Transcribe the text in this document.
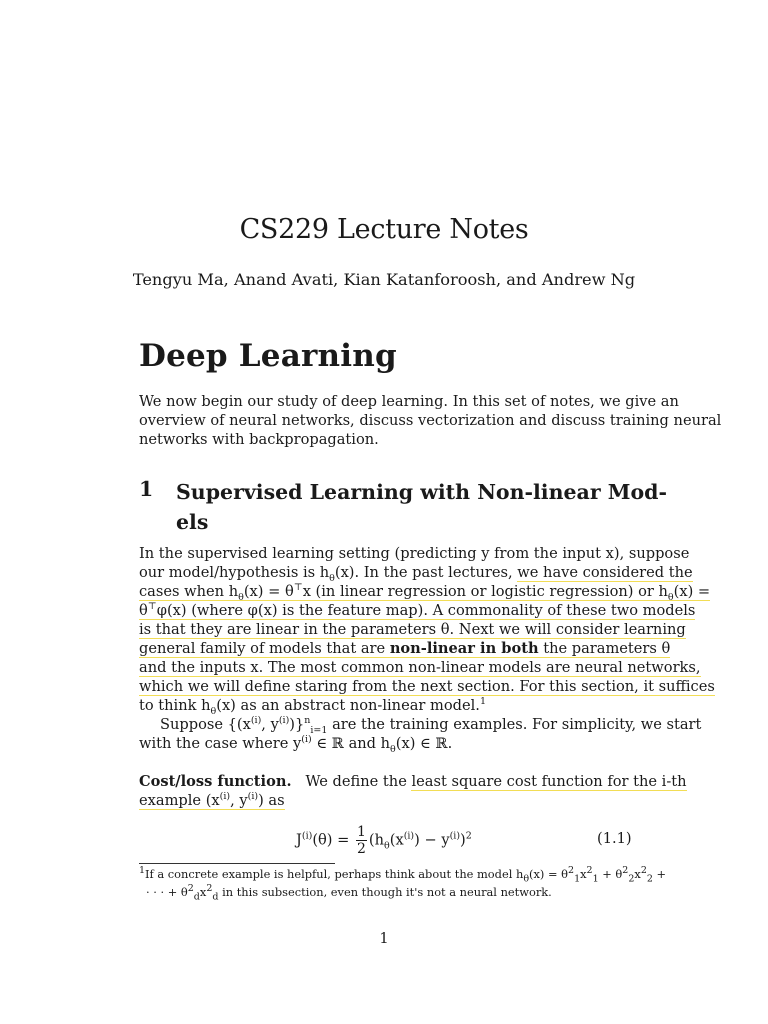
CS229 Lecture Notes
Tengyu Ma, Anand Avati, Kian Katanforoosh, and Andrew Ng
Deep Learning
We now begin our study of deep learning. In this set of notes, we give an
overview of neural networks, discuss vectorization and discuss training neural
networks with backpropagation.
1 Supervised Learning with Non-linear Mod-
els
In the supervised learning setting (predicting y from the input x), suppose
our model/hypothesis is $h_\theta(x)$. In the past lectures, we have considered the
cases when $h_\theta(x) = \theta^⊤x$ (in linear regression or logistic regression) or $h_\theta(x)$ =
θ⊤φ(x) (where φ(x) is the feature map). A commonality of these two models
is that they are linear in the parameters θ. Next we will consider learning
general family of models that are non-linear in both the parameters θ
and the inputs x. The most common non-linear models are neural networks,
which we will define staring from the next section. For this section, it suffices
to think $h_\theta(x)$ as an abstract non-linear model.$^1$
Suppose {($x^{(i)}$, $y^{(i)})\}^n_{i=1}$ are the training examples. For simplicity, we start
with the case where $y^{(i)}$ ∈ ℝ and $h_\theta(x)$ ∈ ℝ.
Cost/loss function. We define the least square cost function for the i-th
example ($x^{(i)}$, $y^{(i)}$) as
$J^{(i)}(\theta) = \frac{1}{2} (h_\theta(x^{(i)}) - y^{(i)})^2$	(1.1)
$^1$If a concrete example is helpful, perhaps think about the model $h_\theta(x) = \theta^2_1x^2_1 + \theta^2_2x^2_2$ +
· · · + $\theta^2_dx^2_d$ in this subsection, even though it's not a neural network.
1
